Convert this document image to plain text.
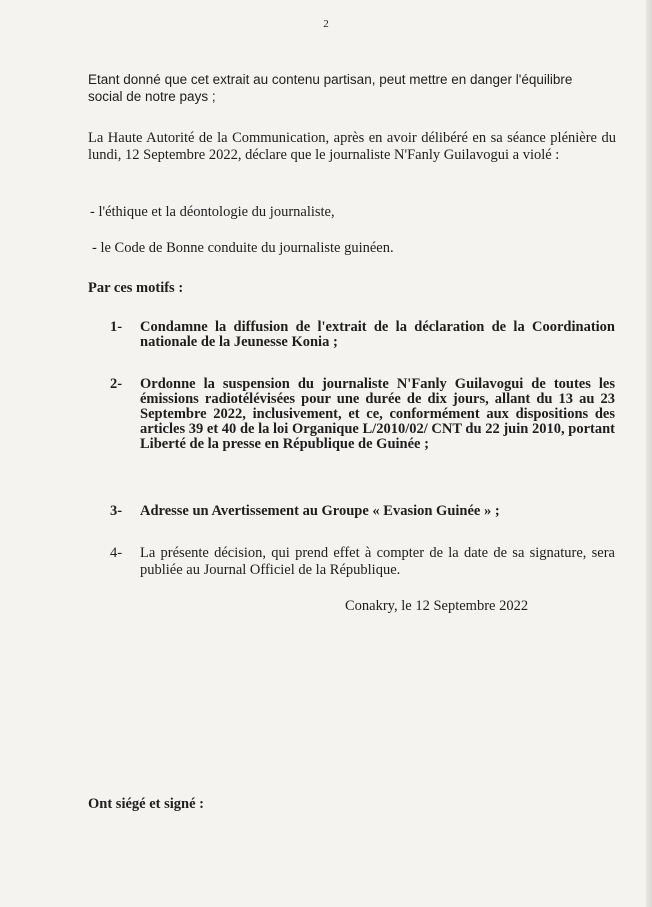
2
Etant donné que cet extrait au contenu partisan, peut mettre en danger l'équilibre
social de notre pays ;
La Haute Autorité de la Communication, après en avoir délibéré en sa séance plénière du lundi, 12 Septembre 2022, déclare que le journaliste N'Fanly Guilavogui a violé :
- l'éthique et la déontologie du journaliste,
- le Code de Bonne conduite du journaliste guinéen.
Par ces motifs :
1-	Condamne la diffusion de l'extrait de la déclaration de la Coordination nationale de la Jeunesse Konia ;
2-	Ordonne la suspension du journaliste N'Fanly Guilavogui de toutes les émissions radiotélévisées pour une durée de dix jours, allant du 13 au 23 Septembre 2022, inclusivement, et ce, conformément aux dispositions des articles 39 et 40 de la loi Organique L/2010/02/ CNT du 22 juin 2010, portant Liberté de la presse en République de Guinée ;
3-	Adresse un Avertissement au Groupe « Evasion Guinée » ;
4-	La présente décision, qui prend effet à compter de la date de sa signature, sera publiée au Journal Officiel de la République.
Conakry, le 12 Septembre 2022
Ont siégé et signé :
